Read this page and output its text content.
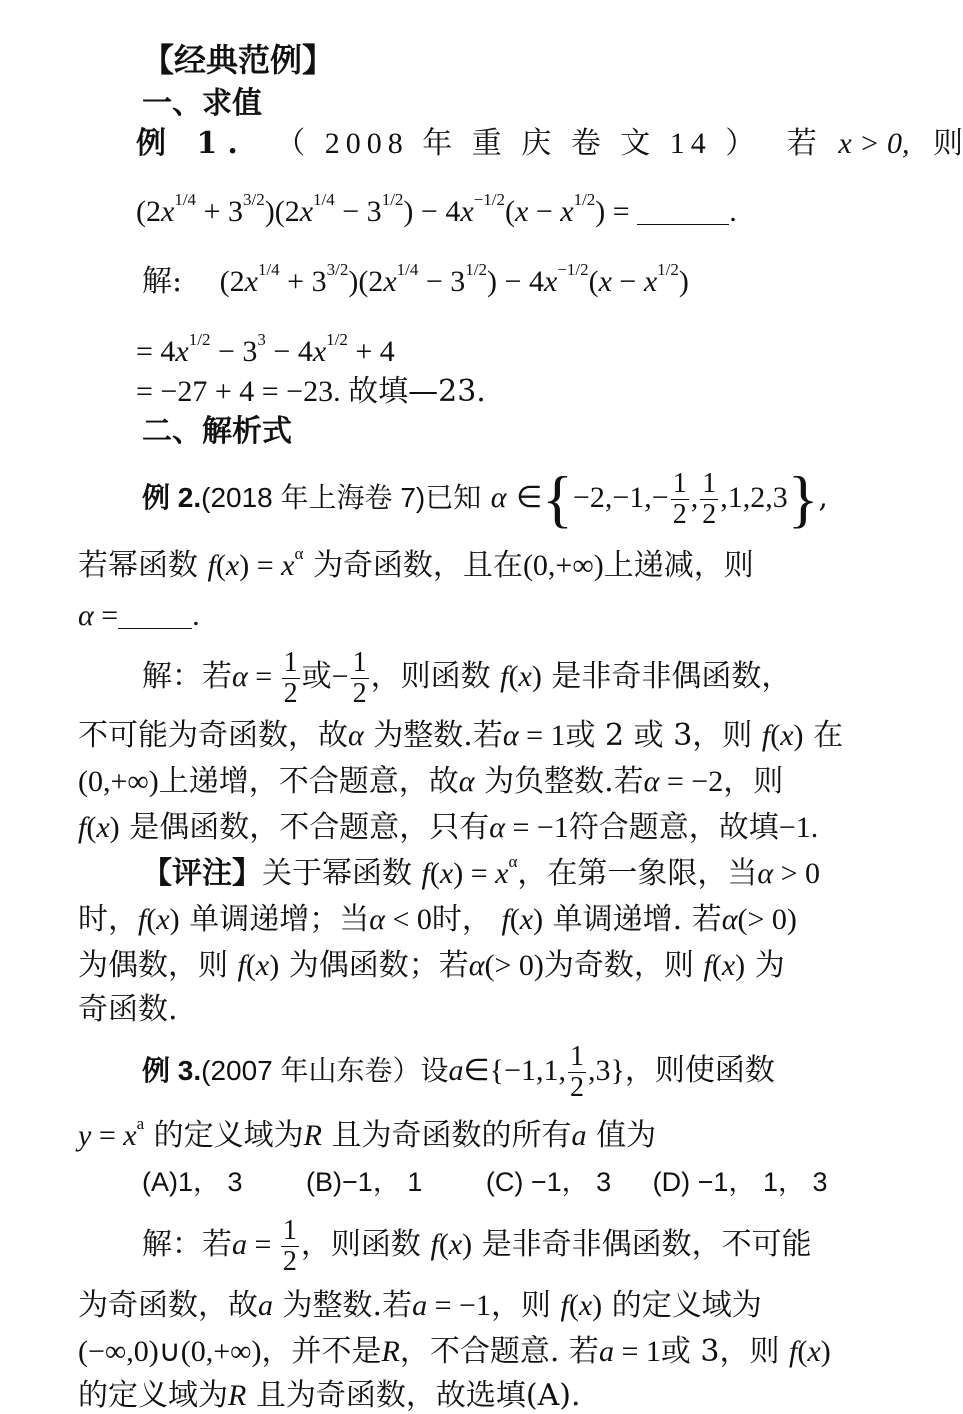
【经典范例】
一、求值
例 1. （ 2008 年 重 庆 卷 文 14 ） 若 x > 0, 则
$(2x^{1/4} + 3^{3/2})(2x^{1/4} - 3^{1/2}) - 4x^{-1/2}(x - x^{1/2})$ =	.
解: $(2x^{1/4} + 3^{3/2})(2x^{1/4} - 3^{1/2}) - 4x^{-1/2}(x - x^{1/2})$
= $4x^{1/2} - 3^3 - 4x^{1/2} + 4$
= −27 + 4 = −23. 故填—23.
二、解析式
例 2.(2018 年上海卷 7)已知 α ∈{−2,−1,− $\frac{1}{2}$ , $\frac{1}{2} ,1,2,3$},
若幂函数 $f(x) = x^\alpha$ 为奇函数，且在(0,+∞)上递减，则
α = .
解：若$\alpha = \frac{1}{2}$ 或− $\frac{1}{2}$ ，则函数 f(x) 是非奇非偶函数，
不可能为奇函数，故α 为整数.若α = 1或 2 或 3，则 f(x) 在
(0,+∞)上递增，不合题意，故α 为负整数.若α = −2，则
f(x) 是偶函数，不合题意，只有α = −1符合题意，故填−1.
【评注】关于幂函数 $f(x) = x^\alpha$，在第一象限，当α > 0
时，f(x) 单调递增；当α < 0时， f(x) 单调递增. 若α(> 0)
为偶数，则 f(x) 为偶函数；若α(> 0)为奇数，则 f(x) 为
奇函数.
例 3.(2007 年山东卷）设a∈{−1,1, $\frac{1}{2} ,3$}，则使函数
$y = x^a$ 的定义域为R 且为奇函数的所有a 值为
(A)1， 3 (B)−1， 1 (C) −1， 3 (D) −1， 1， 3
解：若$a = \frac{1}{2}$ ，则函数 f(x) 是非奇非偶函数，不可能
为奇函数，故a 为整数.若a = −1，则 f(x) 的定义域为
(−∞,0)∪(0,+∞)，并不是R，不合题意. 若a = 1或 3，则 f(x)
的定义域为R 且为奇函数，故选填(A).
